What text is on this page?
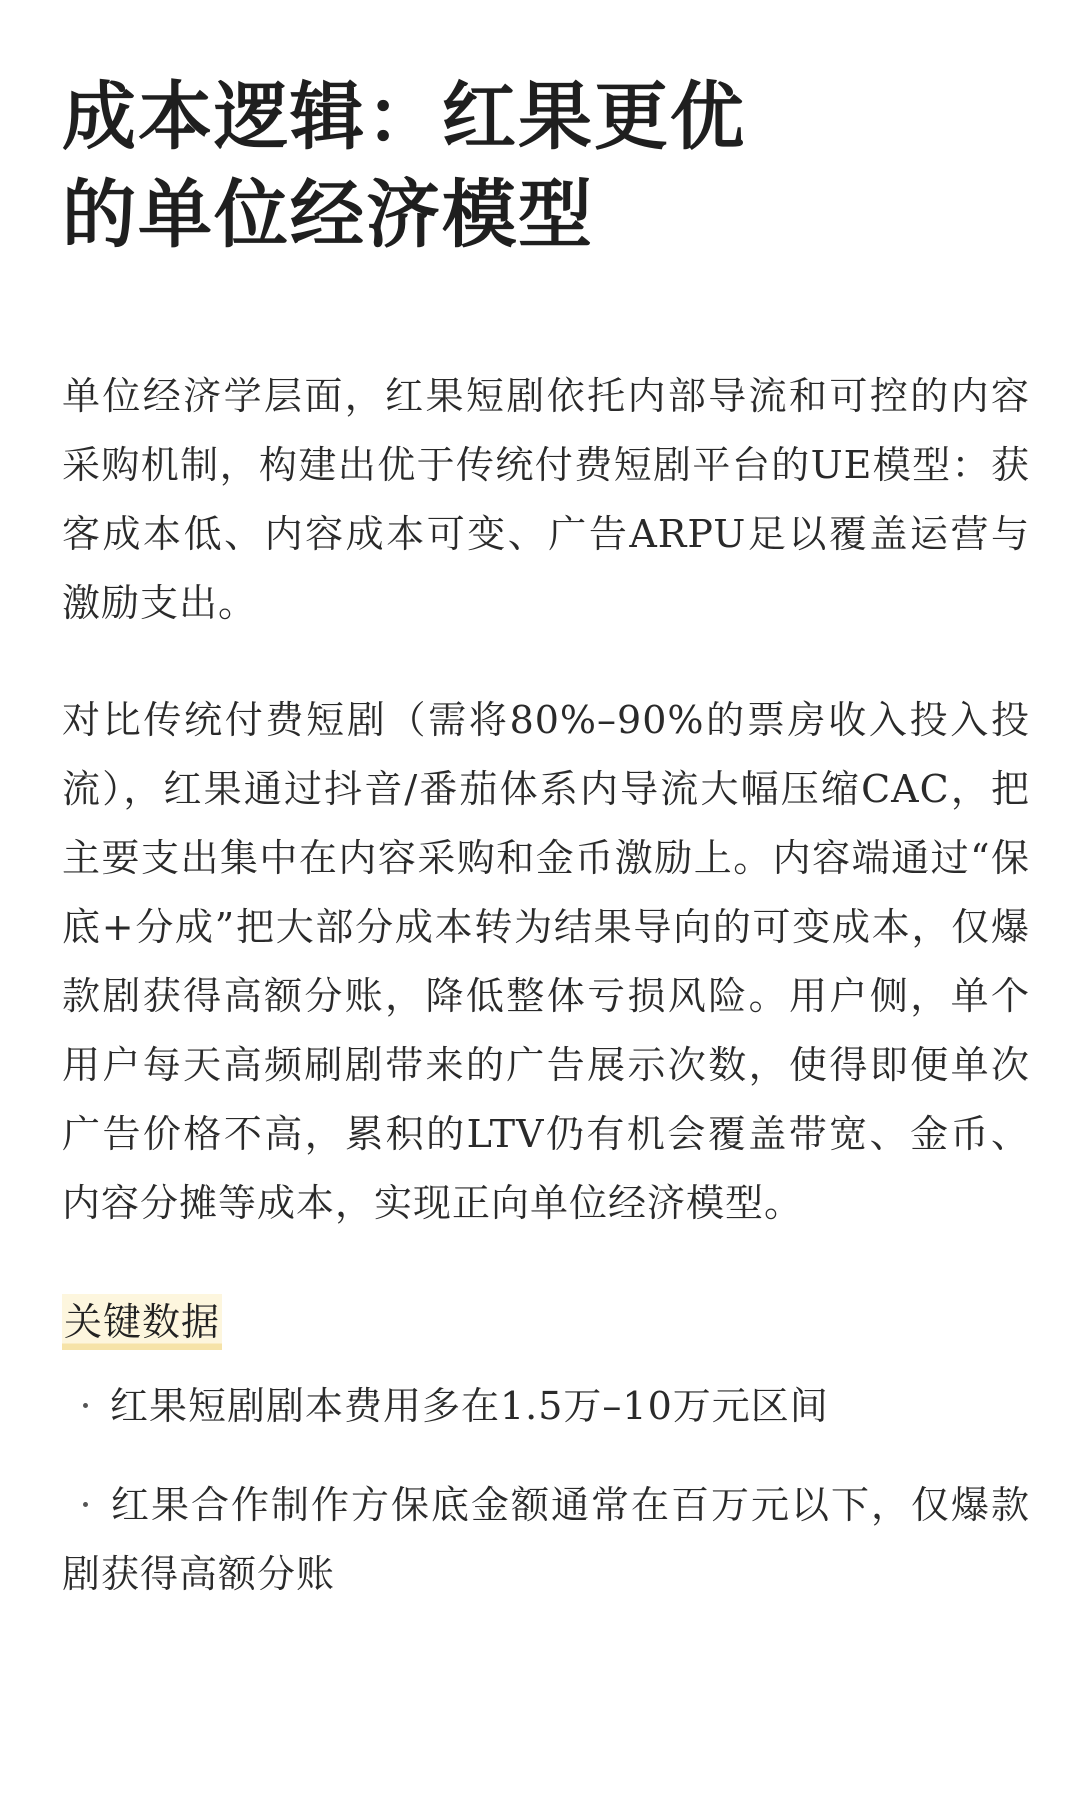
成本逻辑：红果更优
的单位经济模型

单位经济学层面，红果短剧依托内部导流和可控的内容采购机制，构建出优于传统付费短剧平台的UE模型：获客成本低、内容成本可变、广告ARPU足以覆盖运营与激励支出。

对比传统付费短剧（需将80%–90%的票房收入投入投流），红果通过抖音/番茄体系内导流大幅压缩CAC，把主要支出集中在内容采购和金币激励上。内容端通过“保底+分成”把大部分成本转为结果导向的可变成本，仅爆款剧获得高额分账，降低整体亏损风险。用户侧，单个用户每天高频刷剧带来的广告展示次数，使得即便单次广告价格不高，累积的LTV仍有机会覆盖带宽、金币、内容分摊等成本，实现正向单位经济模型。

关键数据
· 红果短剧剧本费用多在1.5万–10万元区间
· 红果合作制作方保底金额通常在百万元以下，仅爆款剧获得高额分账
